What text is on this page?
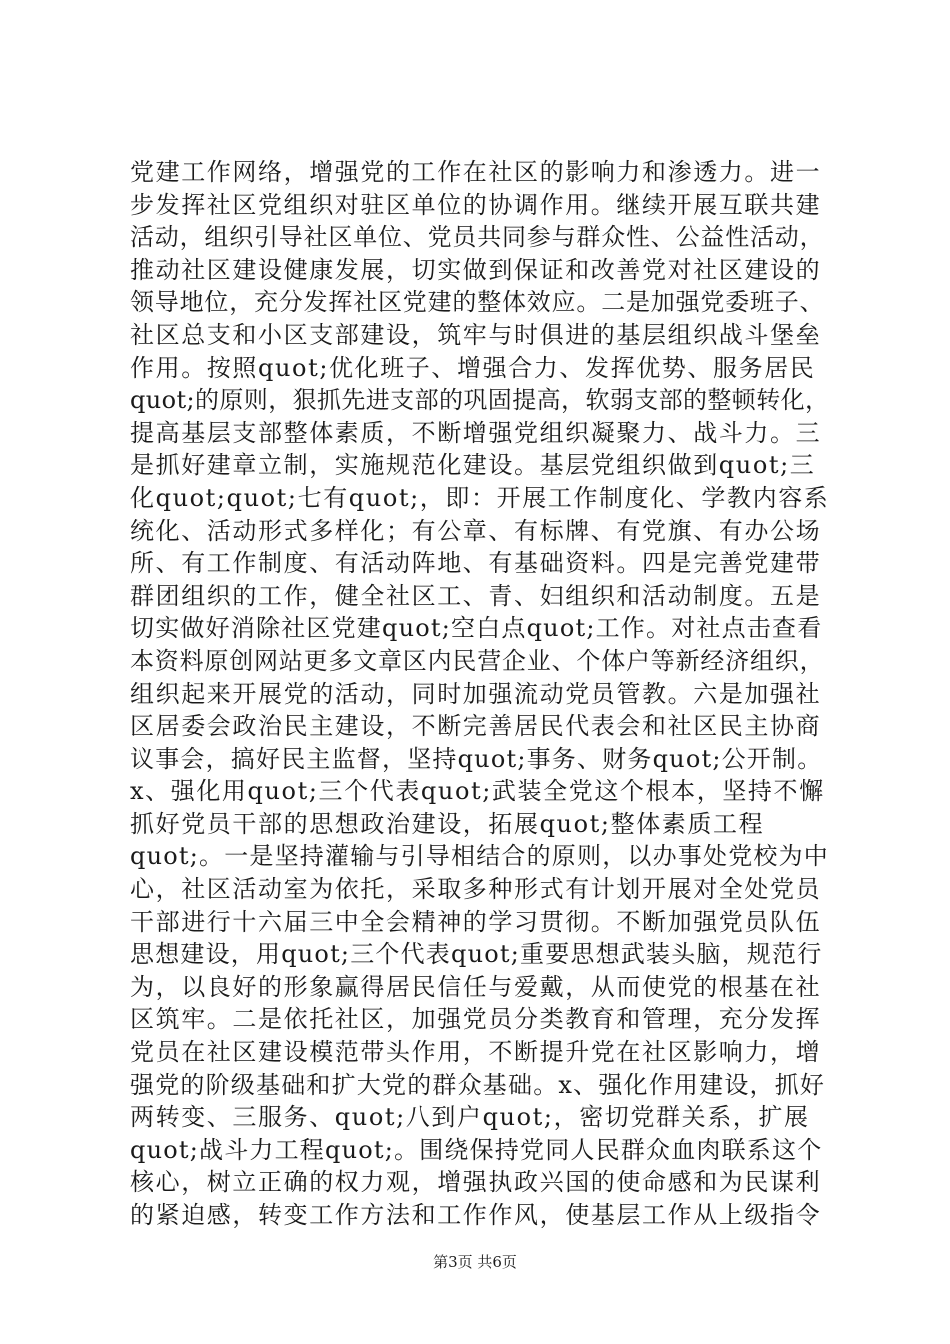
党建工作网络，增强党的工作在社区的影响力和渗透力。进一
步发挥社区党组织对驻区单位的协调作用。继续开展互联共建
活动，组织引导社区单位、党员共同参与群众性、公益性活动，
推动社区建设健康发展，切实做到保证和改善党对社区建设的
领导地位，充分发挥社区党建的整体效应。二是加强党委班子、
社区总支和小区支部建设，筑牢与时俱进的基层组织战斗堡垒
作用。按照quot;优化班子、增强合力、发挥优势、服务居民
quot;的原则，狠抓先进支部的巩固提高，软弱支部的整顿转化，
提高基层支部整体素质，不断增强党组织凝聚力、战斗力。三
是抓好建章立制，实施规范化建设。基层党组织做到quot;三
化quot;quot;七有quot;，即：开展工作制度化、学教内容系
统化、活动形式多样化；有公章、有标牌、有党旗、有办公场
所、有工作制度、有活动阵地、有基础资料。四是完善党建带
群团组织的工作，健全社区工、青、妇组织和活动制度。五是
切实做好消除社区党建quot;空白点quot;工作。对社点击查看
本资料原创网站更多文章区内民营企业、个体户等新经济组织，
组织起来开展党的活动，同时加强流动党员管教。六是加强社
区居委会政治民主建设，不断完善居民代表会和社区民主协商
议事会，搞好民主监督，坚持quot;事务、财务quot;公开制。
x、强化用quot;三个代表quot;武装全党这个根本，坚持不懈
抓好党员干部的思想政治建设，拓展quot;整体素质工程
quot;。一是坚持灌输与引导相结合的原则，以办事处党校为中
心，社区活动室为依托，采取多种形式有计划开展对全处党员
干部进行十六届三中全会精神的学习贯彻。不断加强党员队伍
思想建设，用quot;三个代表quot;重要思想武装头脑，规范行
为，以良好的形象赢得居民信任与爱戴，从而使党的根基在社
区筑牢。二是依托社区，加强党员分类教育和管理，充分发挥
党员在社区建设模范带头作用，不断提升党在社区影响力，增
强党的阶级基础和扩大党的群众基础。x、强化作用建设，抓好
两转变、三服务、quot;八到户quot;，密切党群关系，扩展
quot;战斗力工程quot;。围绕保持党同人民群众血肉联系这个
核心，树立正确的权力观，增强执政兴国的使命感和为民谋利
的紧迫感，转变工作方法和工作作风，使基层工作从上级指令
第3页 共6页
